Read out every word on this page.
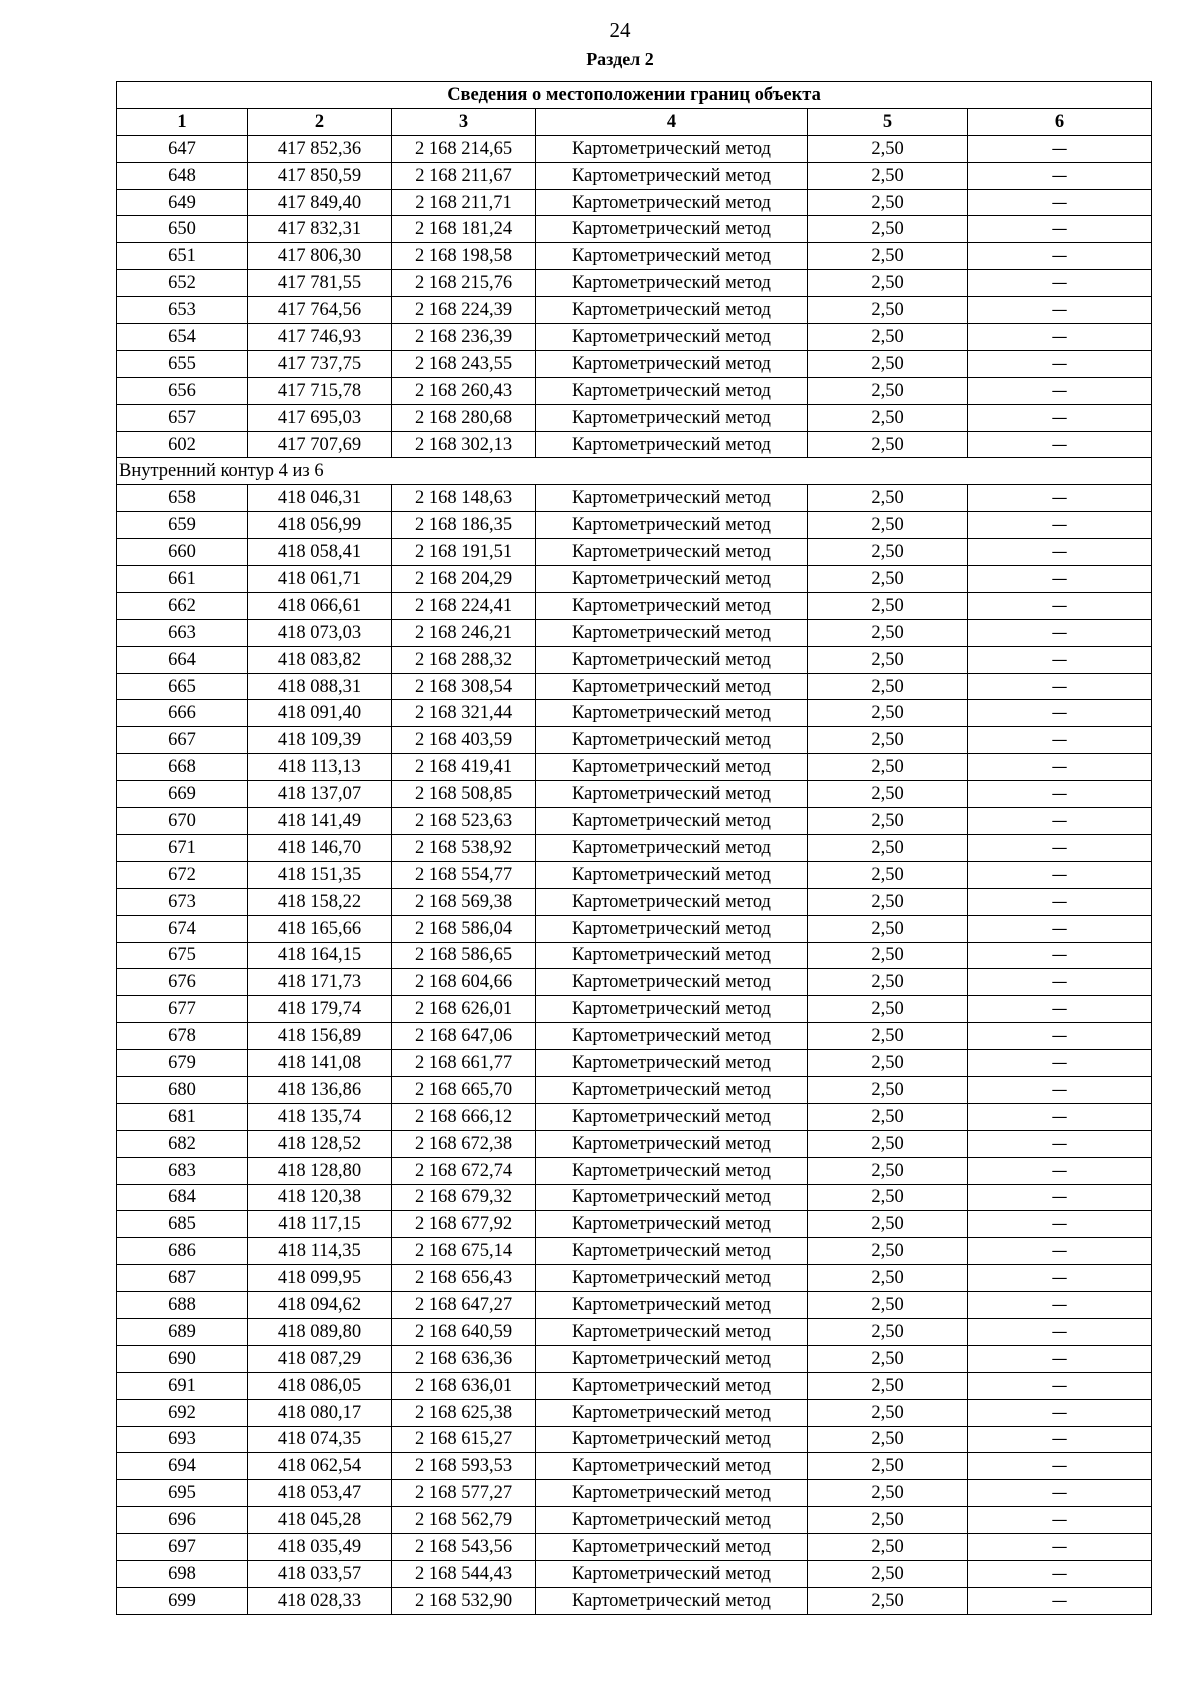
24
Раздел 2
Сведения о местоположении границ объекта					
1	2	3	4	5	6
647	417 852,36	2 168 214,65	Картометрический метод	2,50	—
648	417 850,59	2 168 211,67	Картометрический метод	2,50	—
649	417 849,40	2 168 211,71	Картометрический метод	2,50	—
650	417 832,31	2 168 181,24	Картометрический метод	2,50	—
651	417 806,30	2 168 198,58	Картометрический метод	2,50	—
652	417 781,55	2 168 215,76	Картометрический метод	2,50	—
653	417 764,56	2 168 224,39	Картометрический метод	2,50	—
654	417 746,93	2 168 236,39	Картометрический метод	2,50	—
655	417 737,75	2 168 243,55	Картометрический метод	2,50	—
656	417 715,78	2 168 260,43	Картометрический метод	2,50	—
657	417 695,03	2 168 280,68	Картометрический метод	2,50	—
602	417 707,69	2 168 302,13	Картометрический метод	2,50	—
Внутренний контур 4 из 6					
658	418 046,31	2 168 148,63	Картометрический метод	2,50	—
659	418 056,99	2 168 186,35	Картометрический метод	2,50	—
660	418 058,41	2 168 191,51	Картометрический метод	2,50	—
661	418 061,71	2 168 204,29	Картометрический метод	2,50	—
662	418 066,61	2 168 224,41	Картометрический метод	2,50	—
663	418 073,03	2 168 246,21	Картометрический метод	2,50	—
664	418 083,82	2 168 288,32	Картометрический метод	2,50	—
665	418 088,31	2 168 308,54	Картометрический метод	2,50	—
666	418 091,40	2 168 321,44	Картометрический метод	2,50	—
667	418 109,39	2 168 403,59	Картометрический метод	2,50	—
668	418 113,13	2 168 419,41	Картометрический метод	2,50	—
669	418 137,07	2 168 508,85	Картометрический метод	2,50	—
670	418 141,49	2 168 523,63	Картометрический метод	2,50	—
671	418 146,70	2 168 538,92	Картометрический метод	2,50	—
672	418 151,35	2 168 554,77	Картометрический метод	2,50	—
673	418 158,22	2 168 569,38	Картометрический метод	2,50	—
674	418 165,66	2 168 586,04	Картометрический метод	2,50	—
675	418 164,15	2 168 586,65	Картометрический метод	2,50	—
676	418 171,73	2 168 604,66	Картометрический метод	2,50	—
677	418 179,74	2 168 626,01	Картометрический метод	2,50	—
678	418 156,89	2 168 647,06	Картометрический метод	2,50	—
679	418 141,08	2 168 661,77	Картометрический метод	2,50	—
680	418 136,86	2 168 665,70	Картометрический метод	2,50	—
681	418 135,74	2 168 666,12	Картометрический метод	2,50	—
682	418 128,52	2 168 672,38	Картометрический метод	2,50	—
683	418 128,80	2 168 672,74	Картометрический метод	2,50	—
684	418 120,38	2 168 679,32	Картометрический метод	2,50	—
685	418 117,15	2 168 677,92	Картометрический метод	2,50	—
686	418 114,35	2 168 675,14	Картометрический метод	2,50	—
687	418 099,95	2 168 656,43	Картометрический метод	2,50	—
688	418 094,62	2 168 647,27	Картометрический метод	2,50	—
689	418 089,80	2 168 640,59	Картометрический метод	2,50	—
690	418 087,29	2 168 636,36	Картометрический метод	2,50	—
691	418 086,05	2 168 636,01	Картометрический метод	2,50	—
692	418 080,17	2 168 625,38	Картометрический метод	2,50	—
693	418 074,35	2 168 615,27	Картометрический метод	2,50	—
694	418 062,54	2 168 593,53	Картометрический метод	2,50	—
695	418 053,47	2 168 577,27	Картометрический метод	2,50	—
696	418 045,28	2 168 562,79	Картометрический метод	2,50	—
697	418 035,49	2 168 543,56	Картометрический метод	2,50	—
698	418 033,57	2 168 544,43	Картометрический метод	2,50	—
699	418 028,33	2 168 532,90	Картометрический метод	2,50	—
